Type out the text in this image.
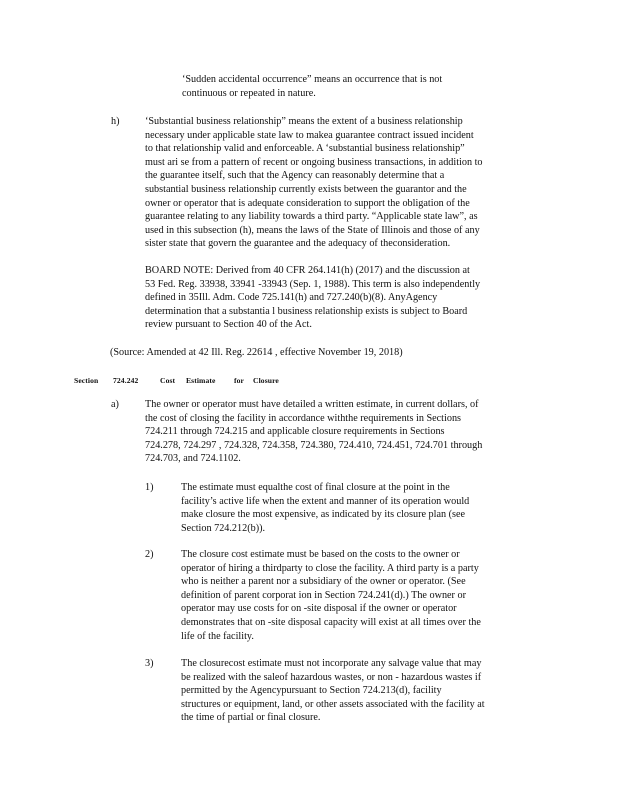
‘Sudden accidental occurrence” means an occurrence that is not
continuous or repeated in nature.
h)	‘Substantial business relationship” means the extent of a business relationship
necessary under applicable state law to makea guarantee contract issued incident
to that relationship valid and enforceable. A ‘substantial business relationship”
must ari se from a pattern of recent or ongoing business transactions, in addition to
the guarantee itself, such that the Agency can reasonably determine that a
substantial business relationship currently exists between the guarantor and the
owner or operator that is adequate consideration to support the obligation of the
guarantee relating to any liability towards a third party. “Applicable state law”, as
used in this subsection (h), means the laws of the State of Illinois and those of any
sister state that govern the guarantee and the adequacy of theconsideration.
BOARD NOTE: Derived from 40 CFR 264.141(h) (2017) and the discussion at
53 Fed. Reg. 33938, 33941 -33943 (Sep. 1, 1988). This term is also independently
defined in 35Ill. Adm. Code 725.141(h) and 727.240(b)(8). AnyAgency
determination that a substantia l business relationship exists is subject to Board
review pursuant to Section 40 of the Act.
(Source: Amended at 42 Ill. Reg. 22614 , effective November 19, 2018)
Section 724.242	Cost Estimate for Closure
a)	The owner or operator must have detailed a written estimate, in current dollars, of
the cost of closing the facility in accordance withthe requirements in Sections
724.211 through 724.215 and applicable closure requirements in Sections
724.278, 724.297 , 724.328, 724.358, 724.380, 724.410, 724.451, 724.701 through
724.703, and 724.1102.
1)	The estimate must equalthe cost of final closure at the point in the
facility’s active life when the extent and manner of its operation would
make closure the most expensive, as indicated by its closure plan (see
Section 724.212(b)).
2)	The closure cost estimate must be based on the costs to the owner or
operator of hiring a thirdparty to close the facility. A third party is a party
who is neither a parent nor a subsidiary of the owner or operator. (See
definition of parent corporat ion in Section 724.241(d).) The owner or
operator may use costs for on -site disposal if the owner or operator
demonstrates that on -site disposal capacity will exist at all times over the
life of the facility.
3)	The closurecost estimate must not incorporate any salvage value that may
be realized with the saleof hazardous wastes, or non - hazardous wastes if
permitted by the Agencypursuant to Section 724.213(d), facility
structures or equipment, land, or other assets associated with the facility at
the time of partial or final closure.
